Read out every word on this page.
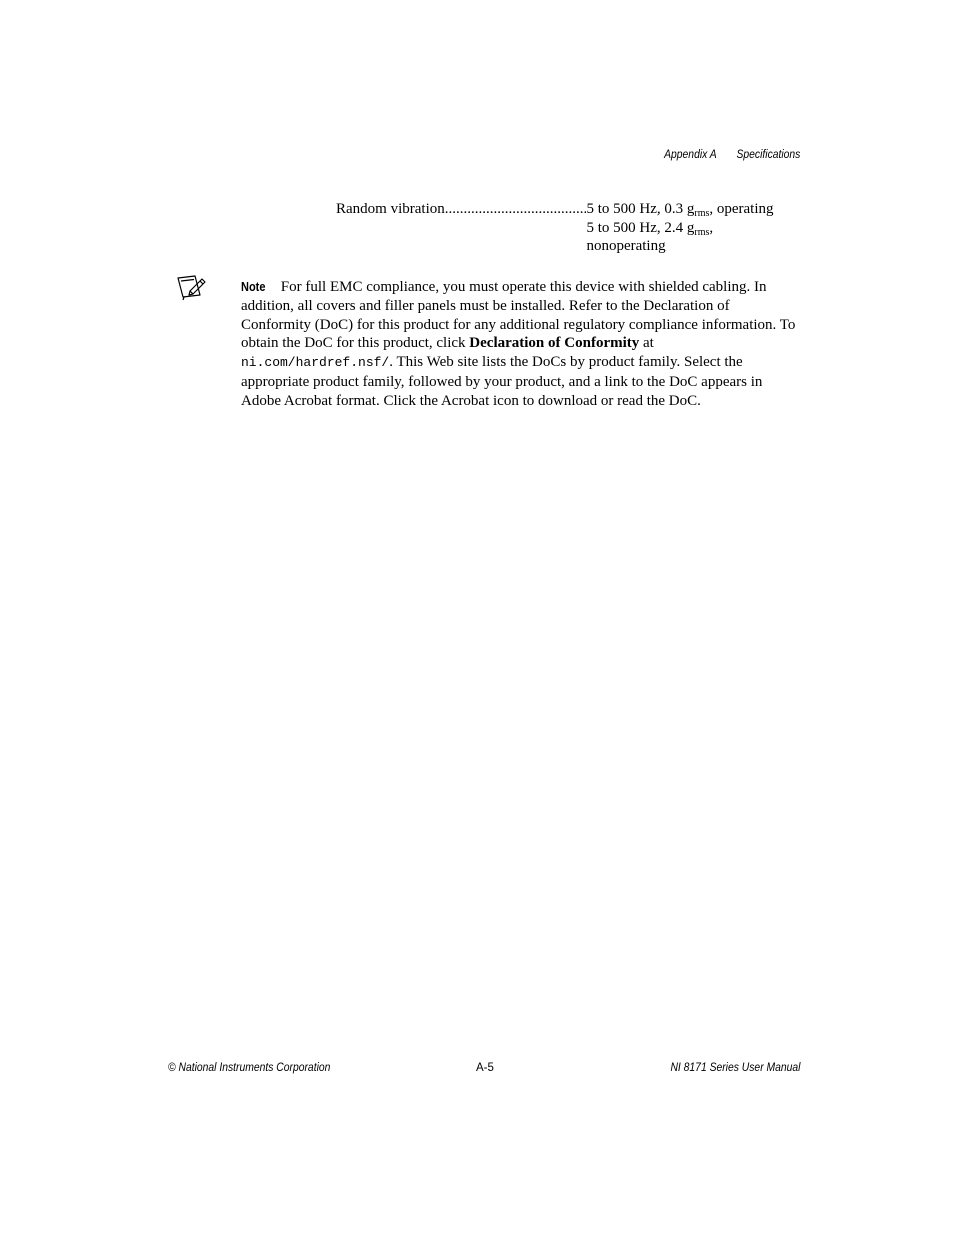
Appendix A Specifications
Random vibration
.....	5 to 500 Hz, 0.3 $g_{rms}$, operating
5 to 500 Hz, 2.4 $g_{rms}$,
nonoperating
Note For full EMC compliance, you must operate this device with shielded cabling. In addition, all covers and filler panels must be installed. Refer to the Declaration of Conformity (DoC) for this product for any additional regulatory compliance information. To obtain the DoC for this product, click Declaration of Conformity at ni.com/hardref.nsf/. This Web site lists the DoCs by product family. Select the appropriate product family, followed by your product, and a link to the DoC appears in Adobe Acrobat format. Click the Acrobat icon to download or read the DoC.
© National Instruments Corporation	A-5	NI 8171 Series User Manual
